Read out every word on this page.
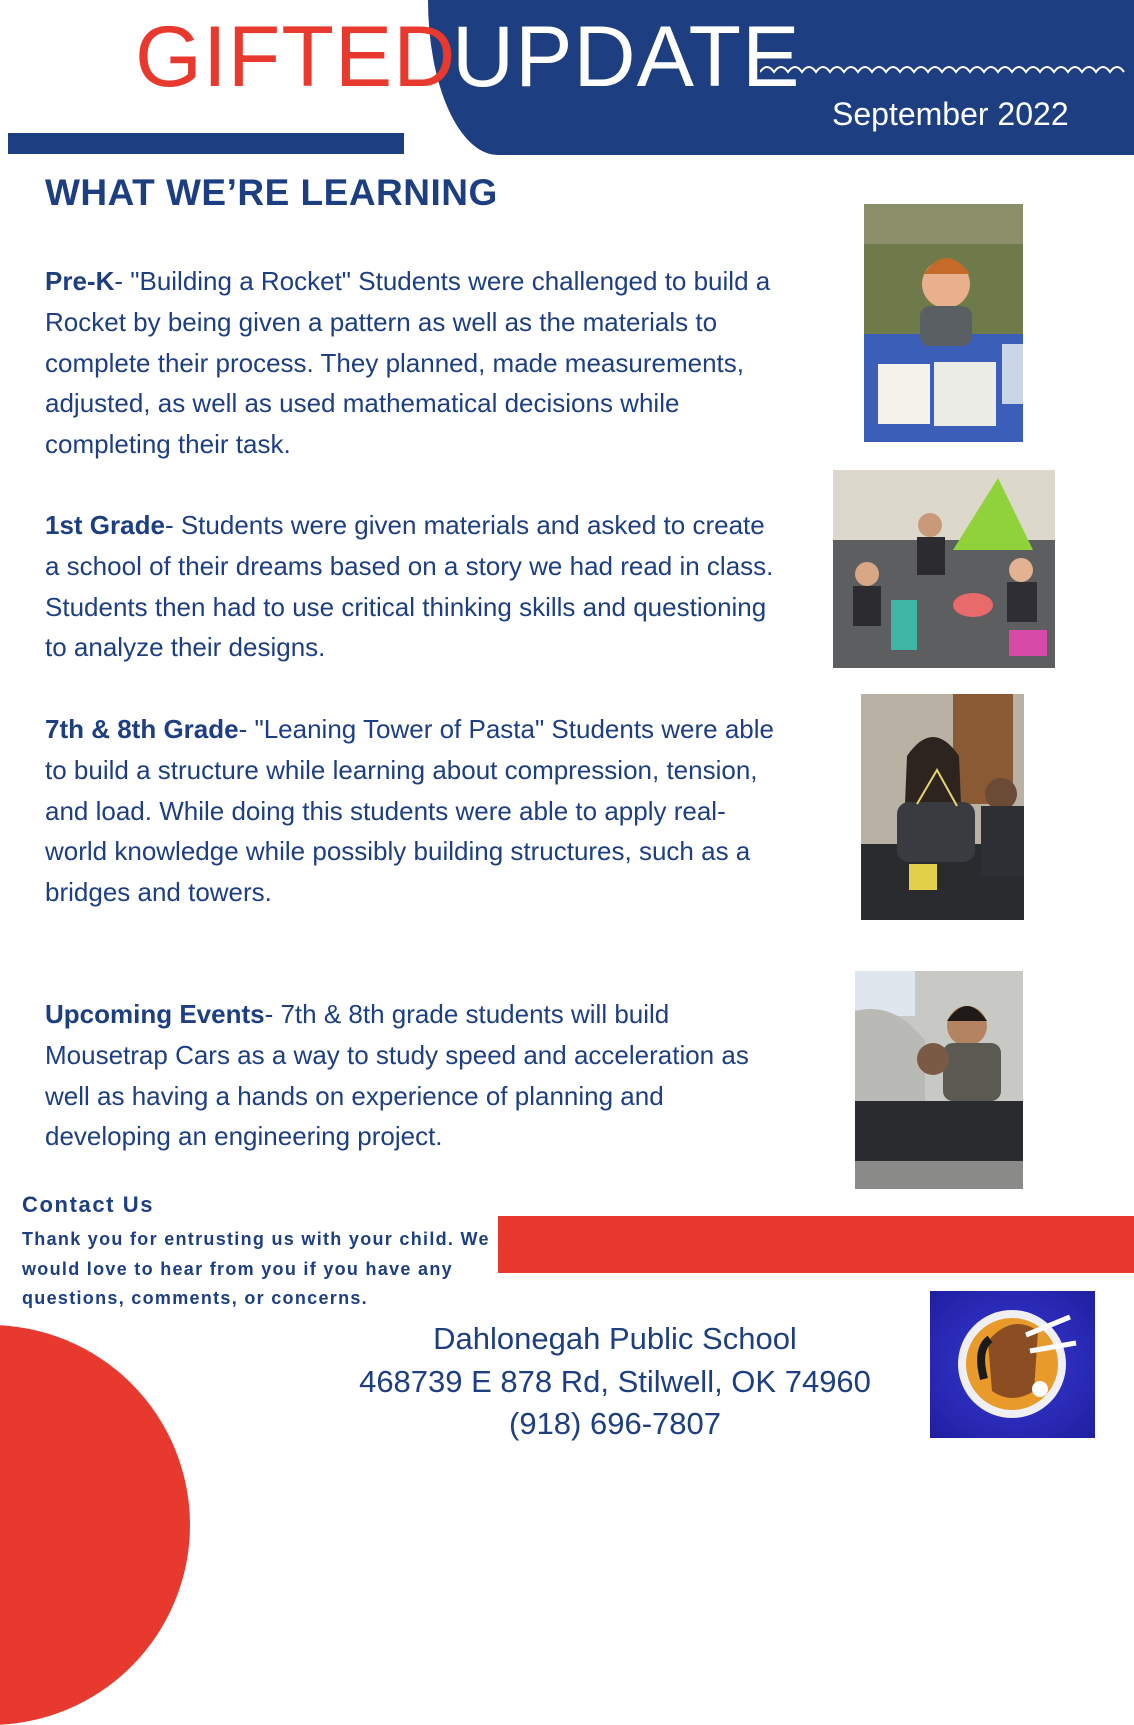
GIFTED
UPDATE
September 2022
WHAT WE’RE LEARNING
Pre-K- "Building a Rocket" Students were challenged to build a Rocket by being given a pattern as well as the materials to complete their process. They planned, made measurements, adjusted, as well as used mathematical decisions while completing their task.
1st Grade- Students were given materials and asked to create a school of their dreams based on a story we had read in class. Students then had to use critical thinking skills and questioning to analyze their designs.
7th & 8th Grade- "Leaning Tower of Pasta" Students were able to build a structure while learning about compression, tension, and load. While doing this students were able to apply real-world knowledge while possibly building structures, such as a bridges and towers.
Upcoming Events- 7th & 8th grade students will build Mousetrap Cars as a way to study speed and acceleration as well as having a hands on experience of planning and developing an engineering project.
Contact Us
Thank you for entrusting us with your child. We would love to hear from you if you have any questions, comments, or concerns.
Dahlonegah Public School
468739 E 878 Rd, Stilwell, OK 74960
(918) 696-7807
